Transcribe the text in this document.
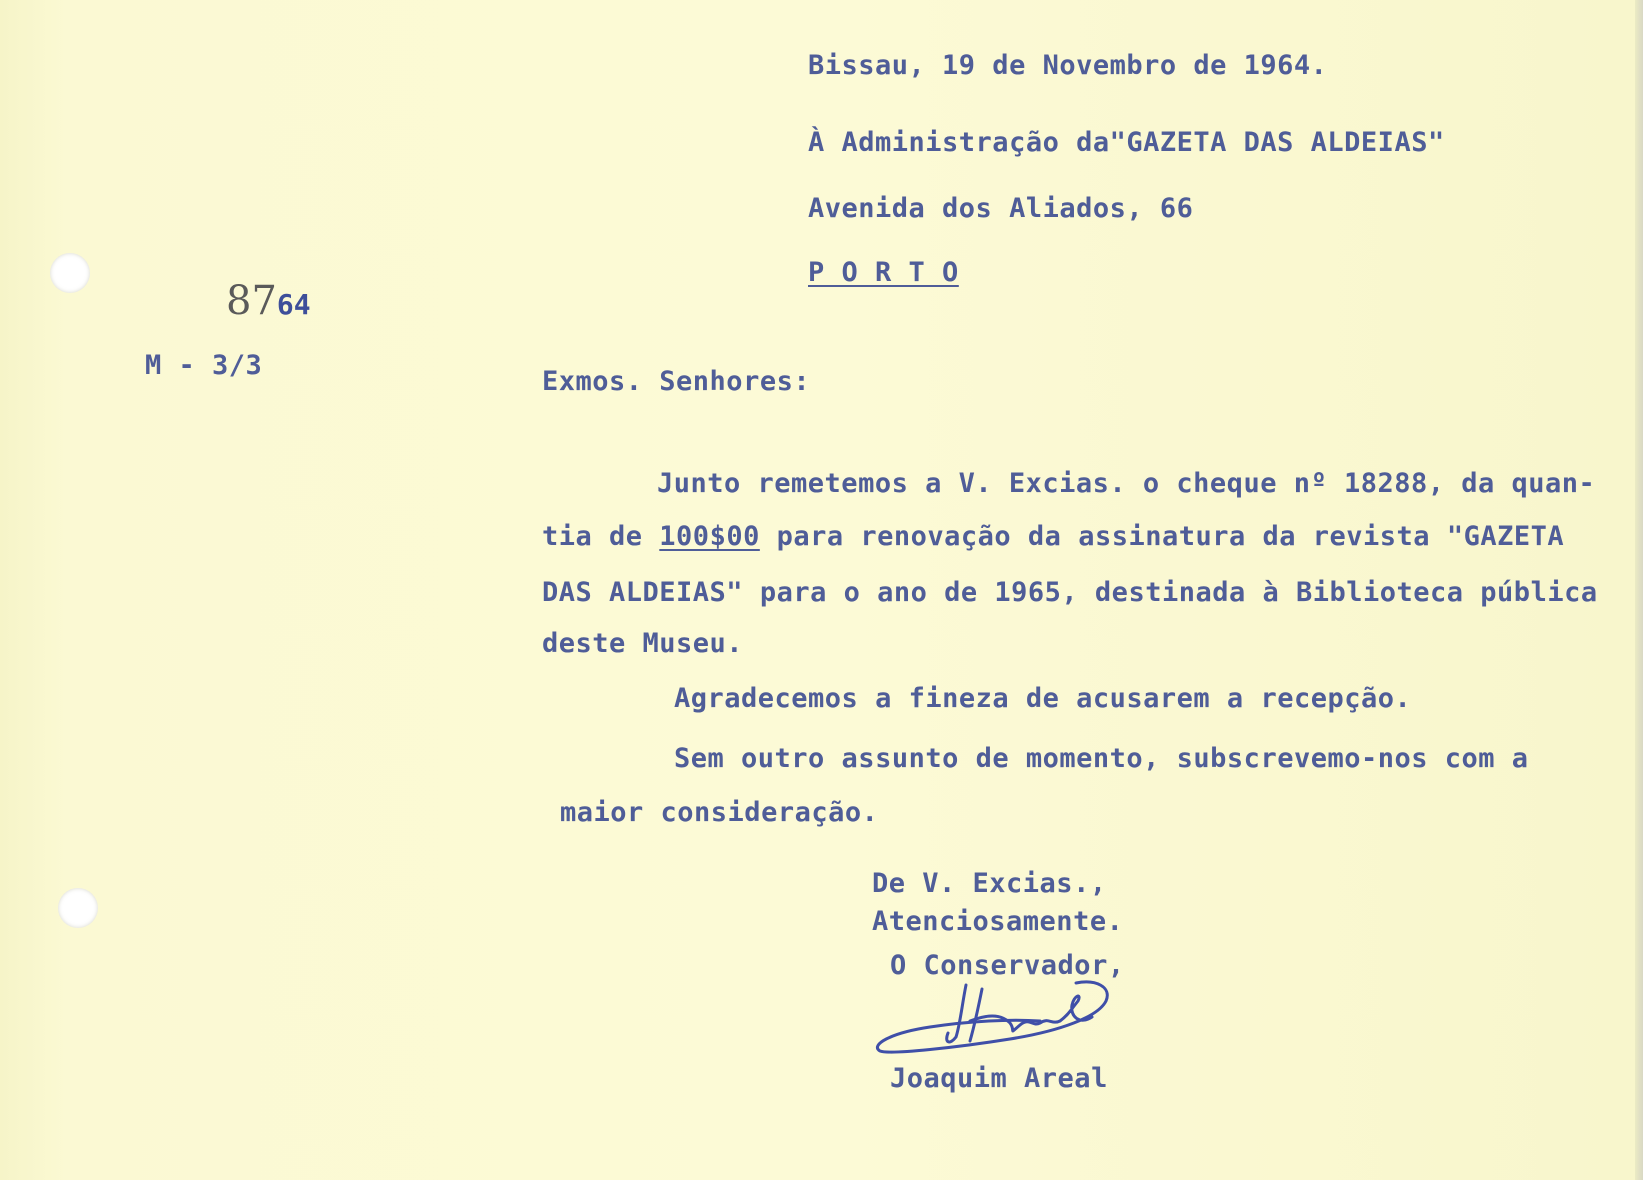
Bissau, 19 de Novembro de 1964.
À Administração da"GAZETA DAS ALDEIAS"
Avenida dos Aliados, 66
P O R T O
8764
M - 3/3
Exmos. Senhores:
Junto remetemos a V. Excias. o cheque nº 18288, da quan-
tia de 100$00 para renovação da assinatura da revista "GAZETA
DAS ALDEIAS" para o ano de 1965, destinada à Biblioteca pública
deste Museu.
Agradecemos a fineza de acusarem a recepção.
Sem outro assunto de momento, subscrevemo-nos com a
maior consideração.
De V. Excias.,
Atenciosamente.
O Conservador,
Joaquim Areal
